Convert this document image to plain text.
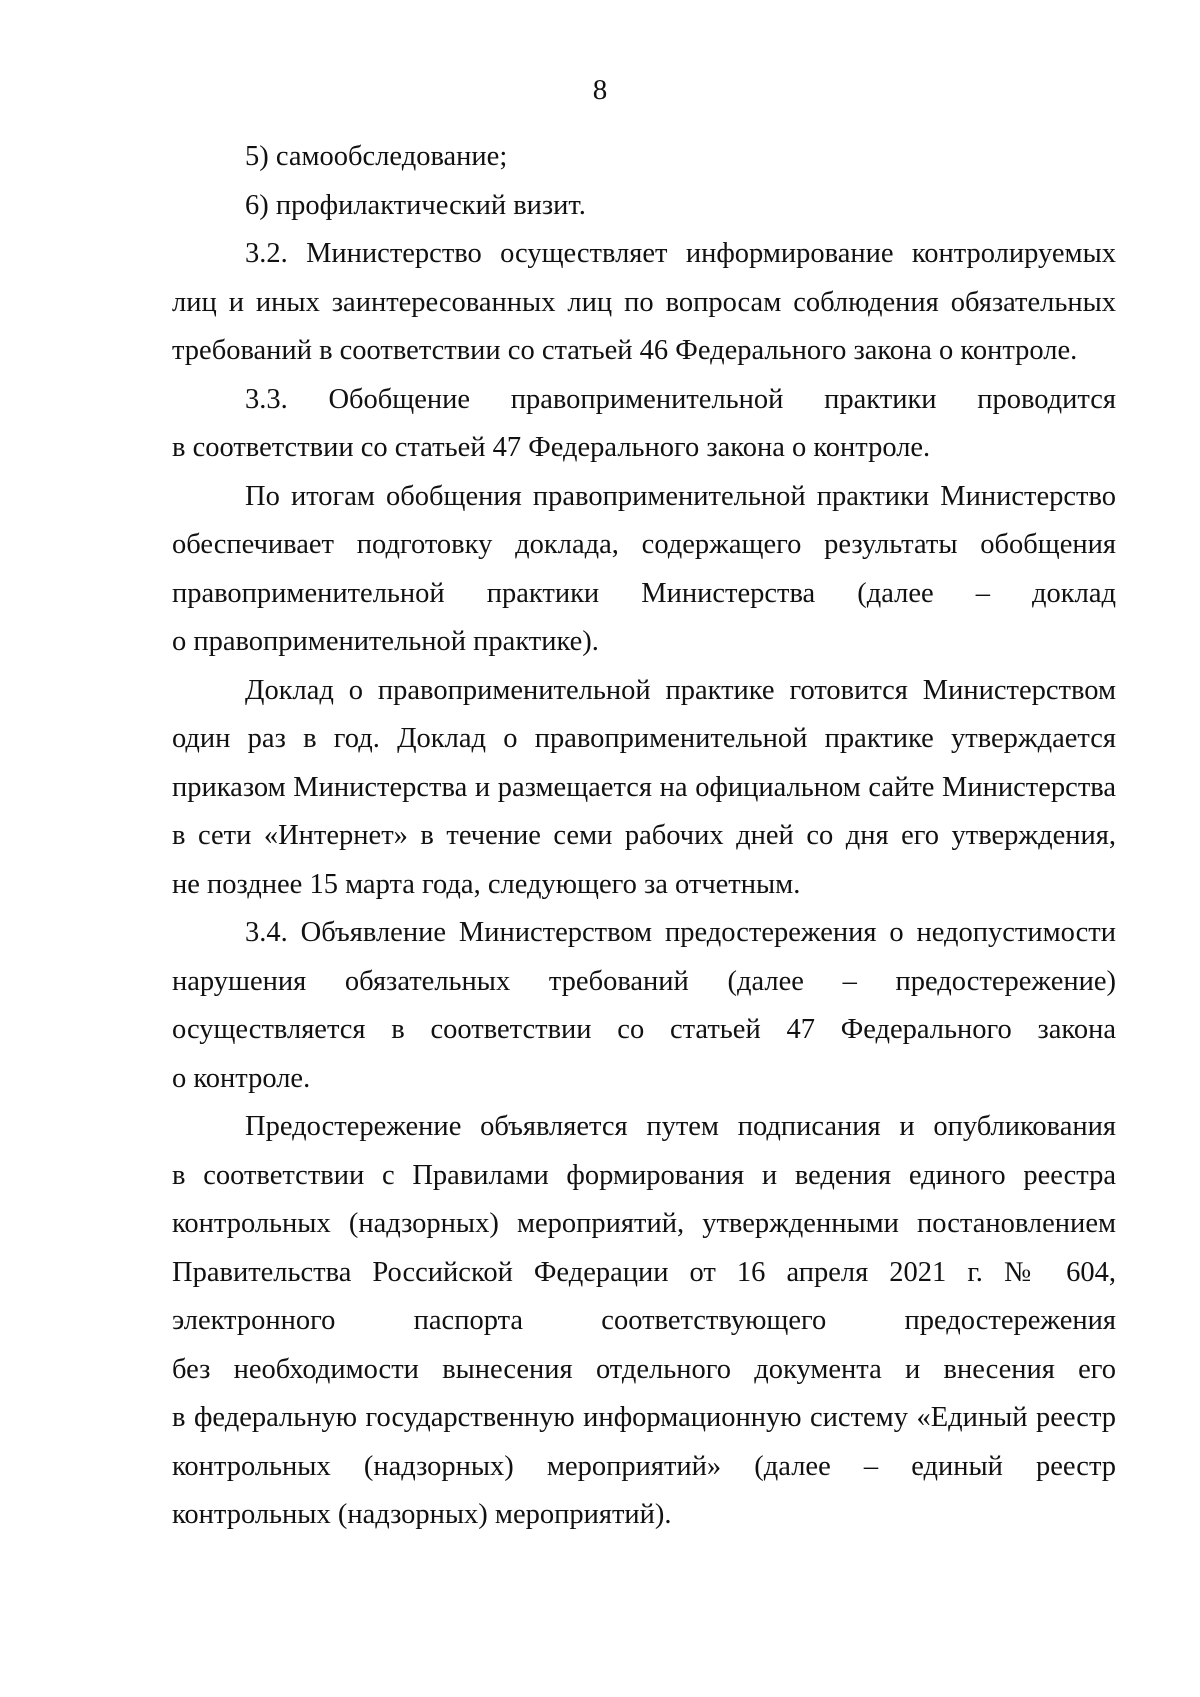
8
5) самообследование;
6) профилактический визит.
3.2. Министерство осуществляет информирование контролируемых
лиц и иных заинтересованных лиц по вопросам соблюдения обязательных
требований в соответствии со статьей 46 Федерального закона о контроле.
3.3. Обобщение правоприменительной практики проводится
в соответствии со статьей 47 Федерального закона о контроле.
По итогам обобщения правоприменительной практики Министерство
обеспечивает подготовку доклада, содержащего результаты обобщения
правоприменительной практики Министерства (далее – доклад
о правоприменительной практике).
Доклад о правоприменительной практике готовится Министерством
один раз в год. Доклад о правоприменительной практике утверждается
приказом Министерства и размещается на официальном сайте Министерства
в сети «Интернет» в течение семи рабочих дней со дня его утверждения,
не позднее 15 марта года, следующего за отчетным.
3.4. Объявление Министерством предостережения о недопустимости
нарушения обязательных требований (далее – предостережение)
осуществляется в соответствии со статьей 47 Федерального закона
о контроле.
Предостережение объявляется путем подписания и опубликования
в соответствии с Правилами формирования и ведения единого реестра
контрольных (надзорных) мероприятий, утвержденными постановлением
Правительства Российской Федерации от 16 апреля 2021 г. № 604,
электронного паспорта соответствующего предостережения
без необходимости вынесения отдельного документа и внесения его
в федеральную государственную информационную систему «Единый реестр
контрольных (надзорных) мероприятий» (далее – единый реестр
контрольных (надзорных) мероприятий).
